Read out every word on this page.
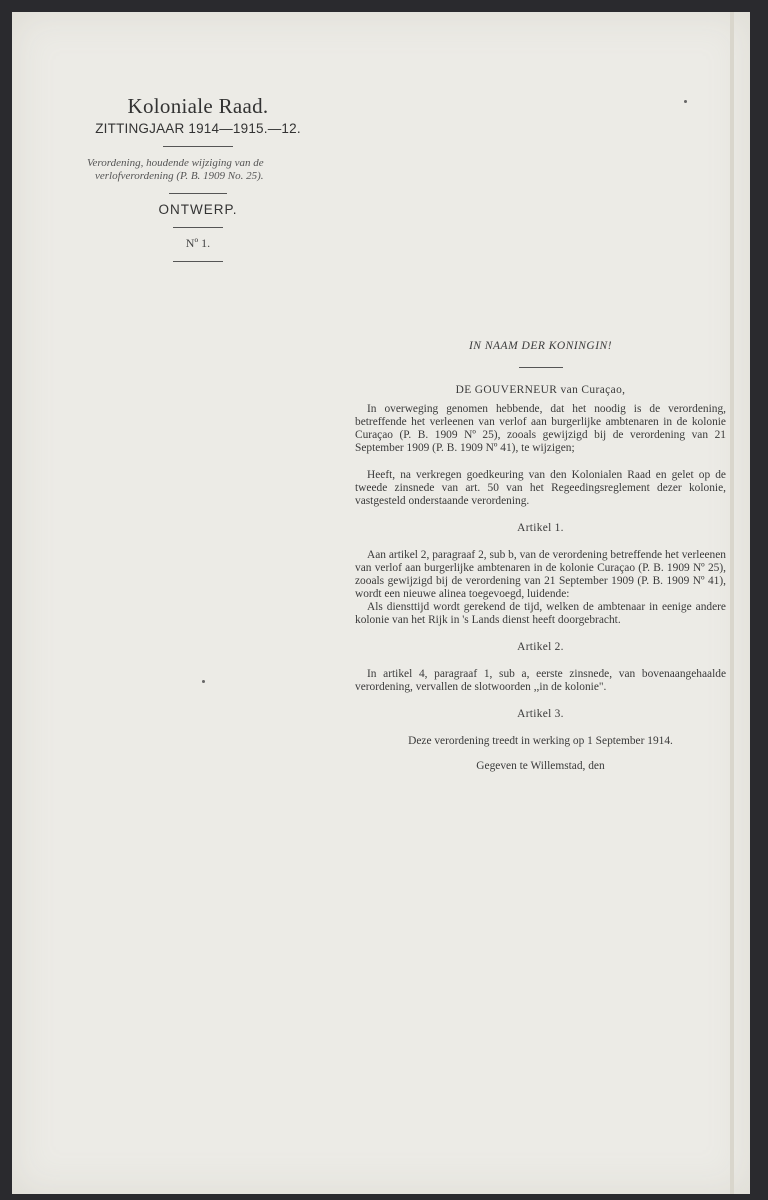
Koloniale Raad.
ZITTINGJAAR 1914—1915.—12.
Verordening, houdende wijziging van de verlofverordening (P. B. 1909 No. 25).
ONTWERP.
Nº 1.
IN NAAM DER KONINGIN!
DE GOUVERNEUR van Curaçao,

In overweging genomen hebbende, dat het noodig is de verordening, betreffende het verleenen van verlof aan burgerlijke ambtenaren in de kolonie Curaçao (P. B. 1909 Nº 25), zooals gewijzigd bij de verordening van 21 September 1909 (P. B. 1909 Nº 41), te wijzigen;

Heeft, na verkregen goedkeuring van den Kolonialen Raad en gelet op de tweede zinsnede van art. 50 van het Regeedingsreglement dezer kolonie, vastgesteld onderstaande verordening.

Artikel 1.

Aan artikel 2, paragraaf 2, sub b, van de verordening betreffende het verleenen van verlof aan burgerlijke ambtenaren in de kolonie Curaçao (P. B. 1909 Nº 25), zooals gewijzigd bij de verordening van 21 September 1909 (P. B. 1909 Nº 41), wordt een nieuwe alinea toegevoegd, luidende:

Als diensttijd wordt gerekend de tijd, welken de ambtenaar in eenige andere kolonie van het Rijk in 's Lands dienst heeft doorgebracht.

Artikel 2.

In artikel 4, paragraaf 1, sub a, eerste zinsnede, van bovenaangehaalde verordening, vervallen de slotwoorden ,,in de kolonie".

Artikel 3.
Deze verordening treedt in werking op 1 September 1914.
Gegeven te Willemstad, den
